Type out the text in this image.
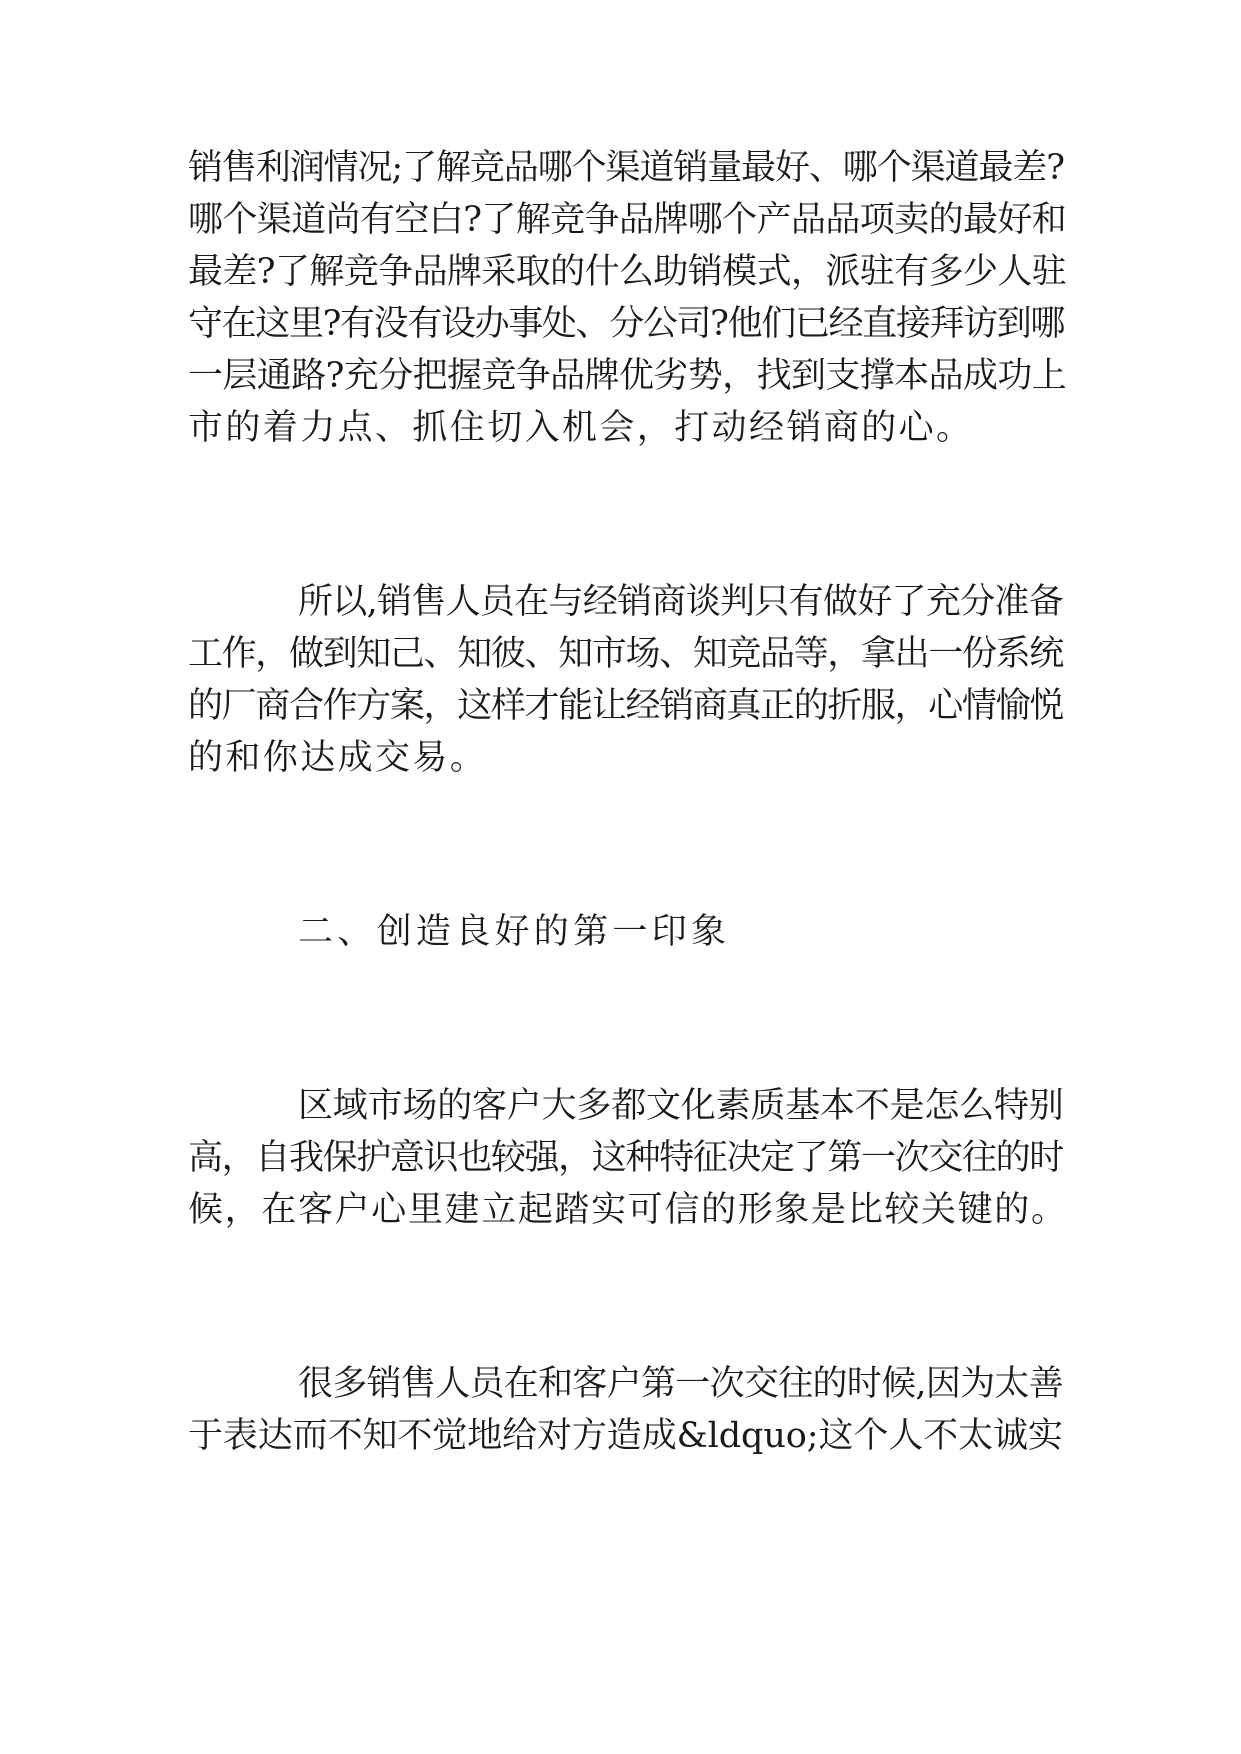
销售利润情况;了解竞品哪个渠道销量最好、哪个渠道最差?
哪个渠道尚有空白?了解竞争品牌哪个产品品项卖的最好和
最差?了解竞争品牌采取的什么助销模式，派驻有多少人驻
守在这里?有没有设办事处、分公司?他们已经直接拜访到哪
一层通路?充分把握竞争品牌优劣势，找到支撑本品成功上
市的着力点、抓住切入机会，打动经销商的心。
所以,销售人员在与经销商谈判只有做好了充分准备
工作，做到知己、知彼、知市场、知竞品等，拿出一份系统
的厂商合作方案，这样才能让经销商真正的折服，心情愉悦
的和你达成交易。
二、创造良好的第一印象
区域市场的客户大多都文化素质基本不是怎么特别
高，自我保护意识也较强，这种特征决定了第一次交往的时
候，在客户心里建立起踏实可信的形象是比较关键的。
很多销售人员在和客户第一次交往的时候,因为太善
于表达而不知不觉地给对方造成&ldquo;这个人不太诚实
